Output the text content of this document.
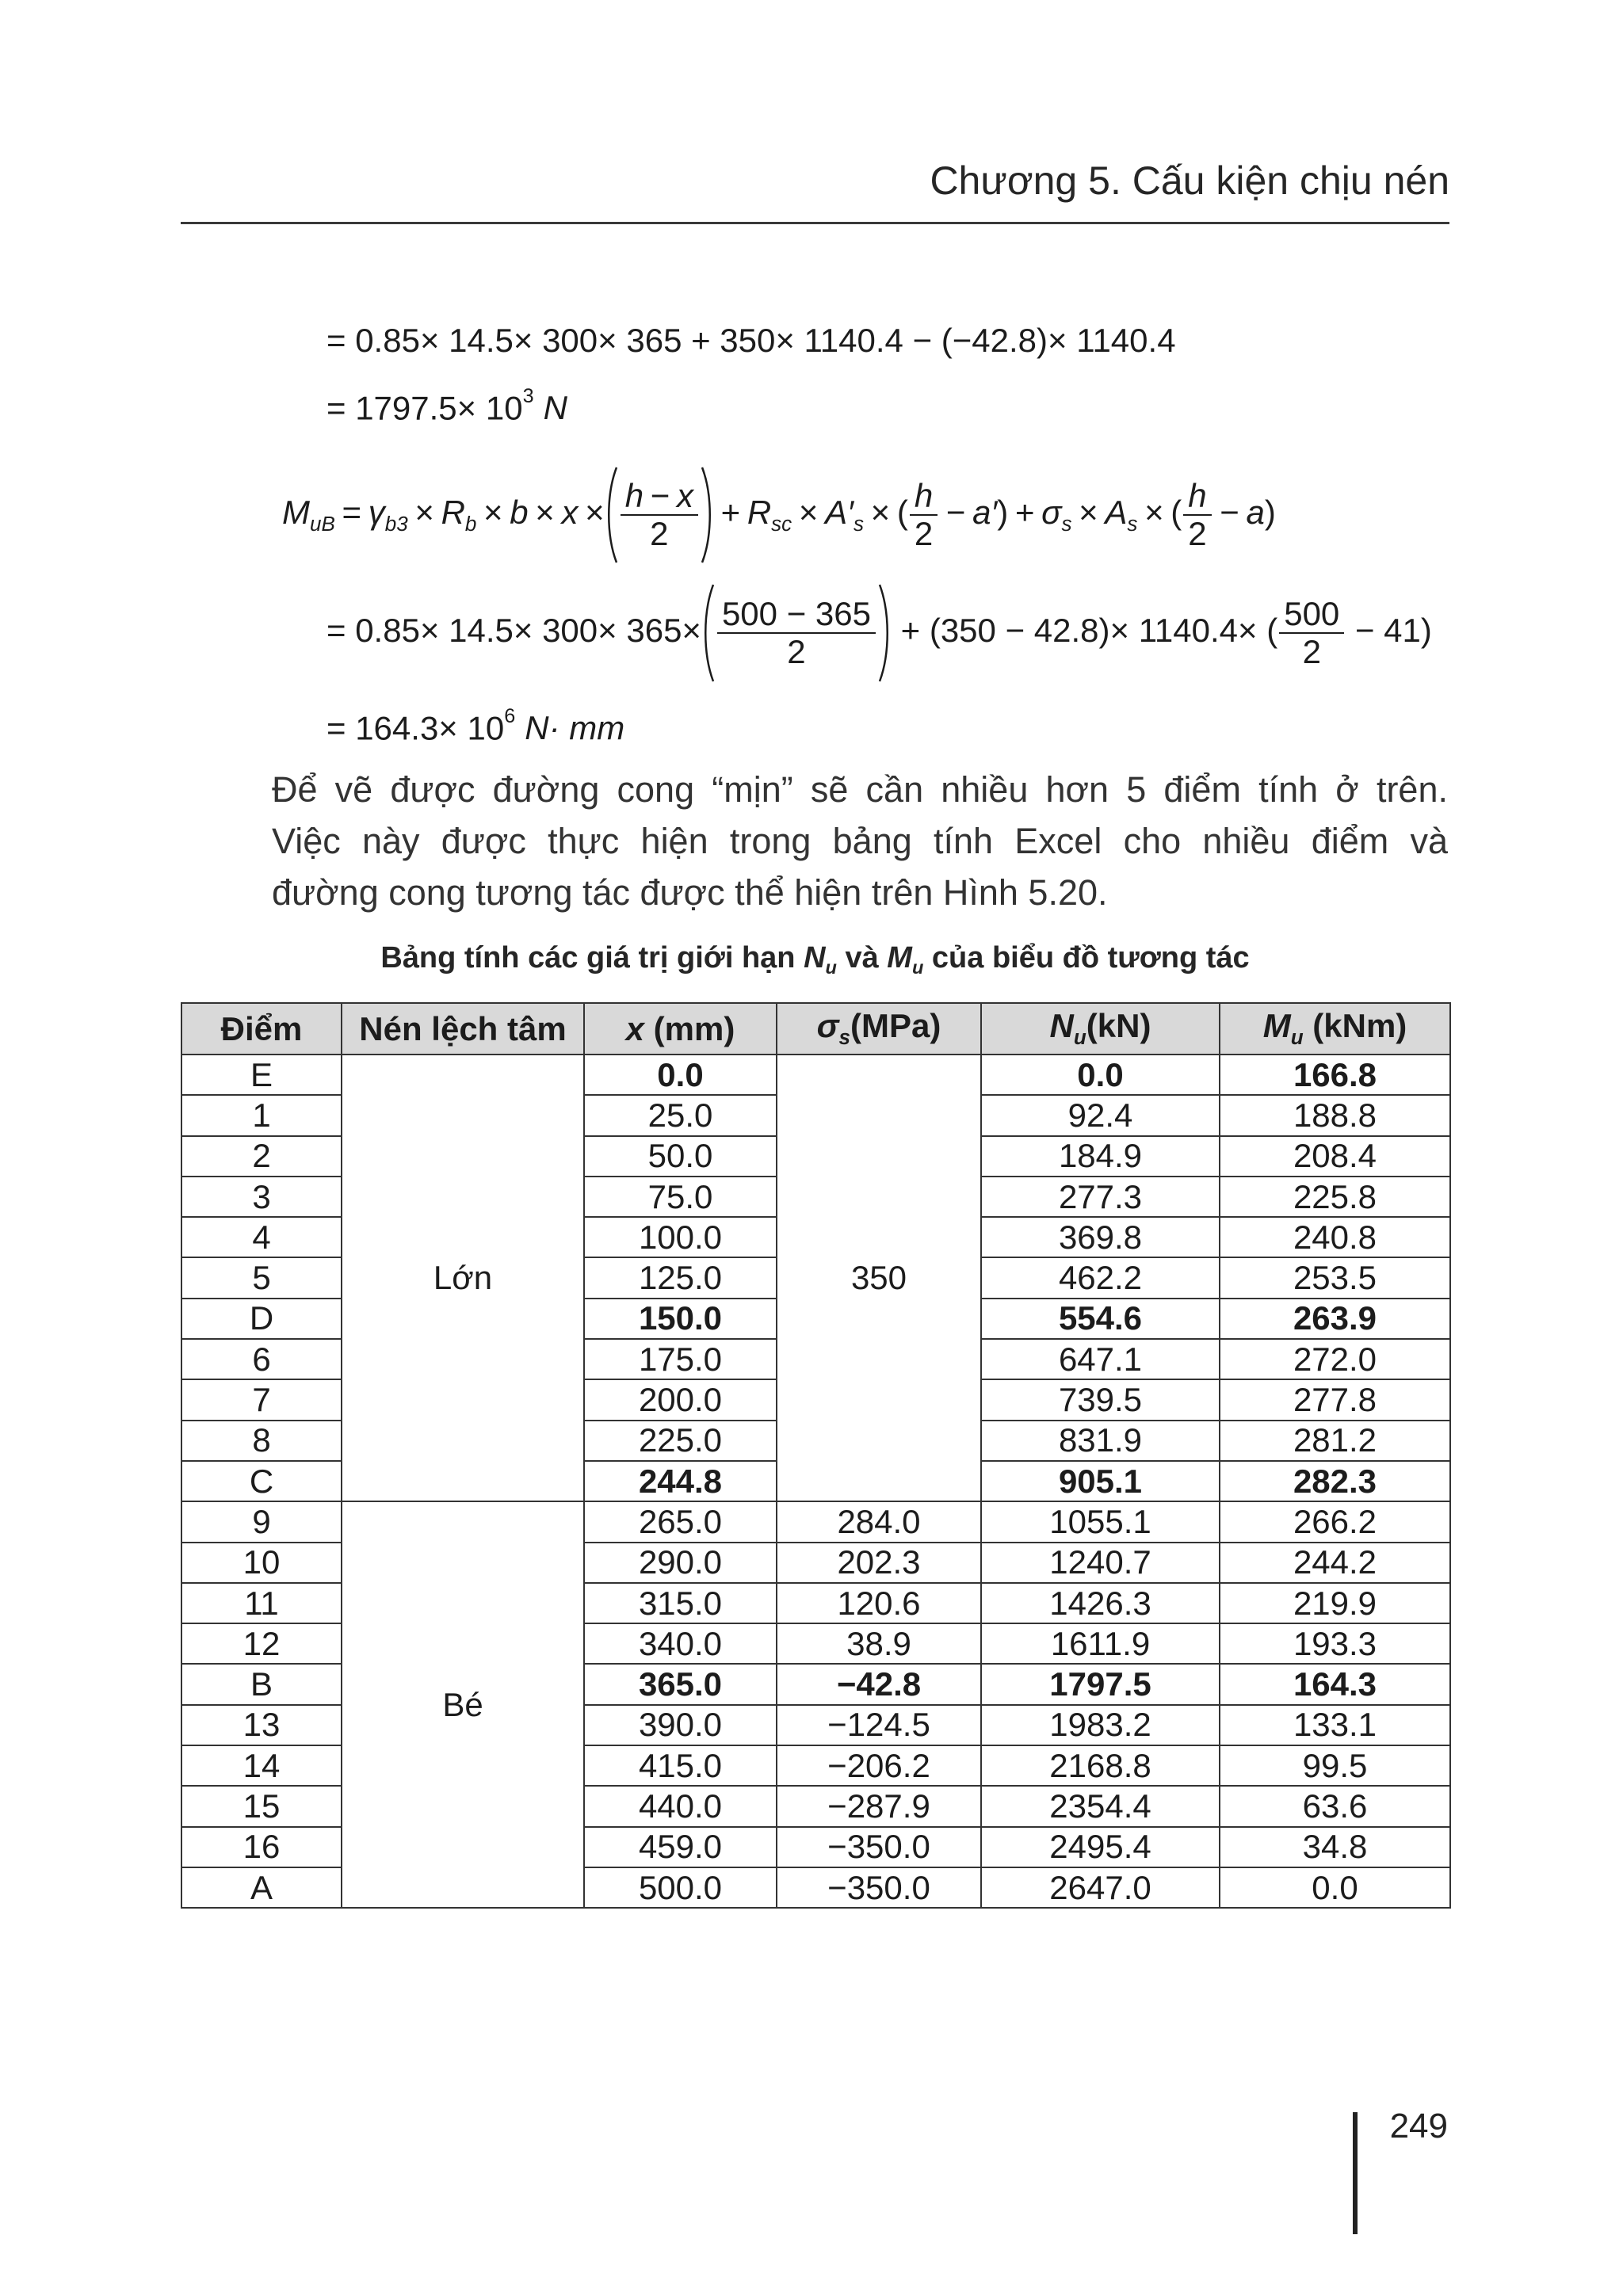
Chương 5. Cấu kiện chịu nén
= 0.85× 14.5× 300× 365 + 350× 1140.4 − (−42.8)× 1140.4
= $1797.5\times 10^3$ N
$M_{uB} = \gamma_{b3} \times R_b \times b \times x \times \frac{h - x}{2} + R_{sc} \times A'_s$ × ( $\frac{h}{2} - a') + \sigma_s \times A_s$ × ( $\frac{h}{2} - a$)
= $0.85\times 14.5\times 300\times 365\times \frac{500 - 365}{2} + (350 - 42.8)\times 1140.4\times$ ( $\frac{500}{2} - 41$)
= $164.3\times 10^6$ N· mm
Để vẽ được đường cong “mịn” sẽ cần nhiều hơn 5 điểm tính ở trên.
Việc này được thực hiện trong bảng tính Excel cho nhiều điểm và
đường cong tương tác được thể hiện trên Hình 5.20.
Bảng tính các giá trị giới hạn $N_u$ và $M_u$ của biểu đồ tương tác
Điểm	Nén lệch tâm	x (mm)	$\sigma_s(MPa)$	$N_u(kN)$	$M_u$ (kNm)
E	Lớn	0.0	350	0.0	166.8
1		25.0		92.4	188.8
2		50.0		184.9	208.4
3		75.0		277.3	225.8
4		100.0		369.8	240.8
5		125.0		462.2	253.5
D		150.0		554.6	263.9
6		175.0		647.1	272.0
7		200.0		739.5	277.8
8		225.0		831.9	281.2
C		244.8		905.1	282.3
9	Bé	265.0	284.0	1055.1	266.2
10		290.0	202.3	1240.7	244.2
11		315.0	120.6	1426.3	219.9
12		340.0	38.9	1611.9	193.3
B		365.0	−42.8	1797.5	164.3
13		390.0	−124.5	1983.2	133.1
14		415.0	−206.2	2168.8	99.5
15		440.0	−287.9	2354.4	63.6
16		459.0	−350.0	2495.4	34.8
A		500.0	−350.0	2647.0	0.0
249
